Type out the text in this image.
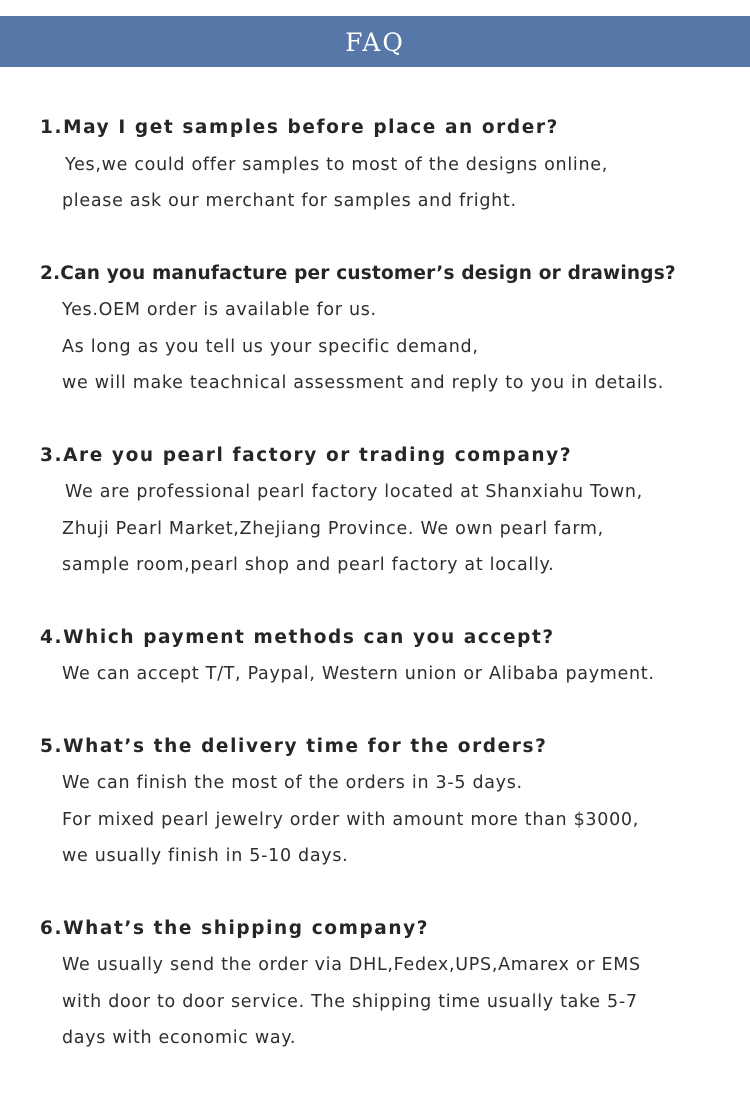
FAQ
1.May I get samples before place an order?
Yes,we could offer samples to most of the designs online,
please ask our merchant for samples and fright.
2.Can you manufacture per customer’s design or drawings?
Yes.OEM order is available for us.
As long as you tell us your specific demand,
we will make teachnical assessment and reply to you in details.
3.Are you pearl factory or trading company?
We are professional pearl factory located at Shanxiahu Town,
Zhuji Pearl Market,Zhejiang Province. We own pearl farm,
sample room,pearl shop and pearl factory at locally.
4.Which payment methods can you accept?
We can accept T/T, Paypal, Western union or Alibaba payment.
5.What’s the delivery time for the orders?
We can finish the most of the orders in 3-5 days.
For mixed pearl jewelry order with amount more than $3000,
we usually finish in 5-10 days.
6.What’s the shipping company?
We usually send the order via DHL,Fedex,UPS,Amarex or EMS
with door to door service. The shipping time usually take 5-7
days with economic way.
